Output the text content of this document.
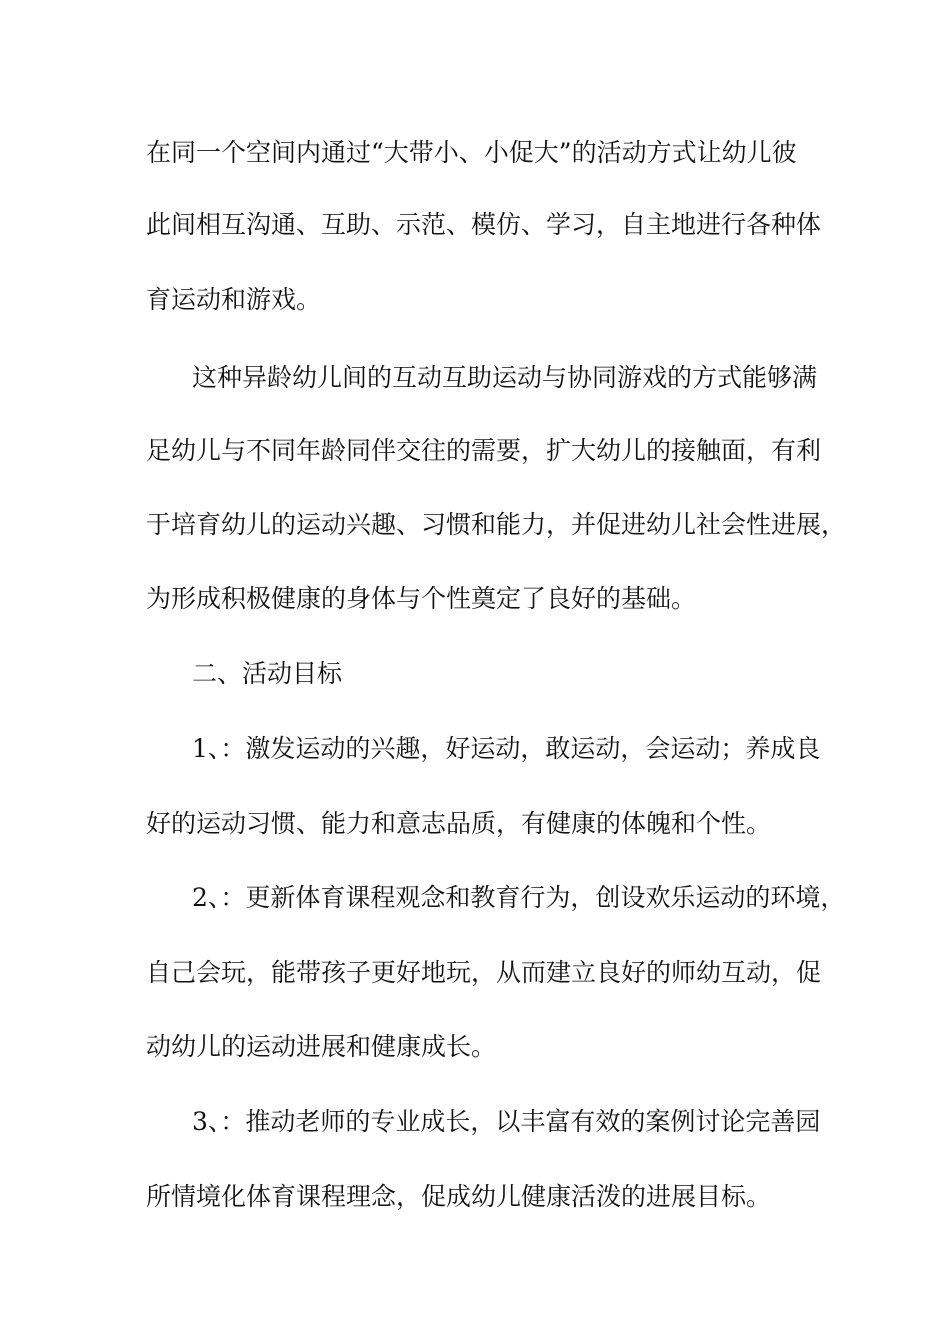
在同一个空间内通过“大带小、小促大”的活动方式让幼儿彼
此间相互沟通、互助、示范、模仿、学习，自主地进行各种体
育运动和游戏。
这种异龄幼儿间的互动互助运动与协同游戏的方式能够满
足幼儿与不同年龄同伴交往的需要，扩大幼儿的接触面，有利
于培育幼儿的运动兴趣、习惯和能力，并促进幼儿社会性进展，
为形成积极健康的身体与个性奠定了良好的基础。
二、活动目标
1、：激发运动的兴趣，好运动，敢运动，会运动；养成良
好的运动习惯、能力和意志品质，有健康的体魄和个性。
2、：更新体育课程观念和教育行为，创设欢乐运动的环境，
自己会玩，能带孩子更好地玩，从而建立良好的师幼互动，促
动幼儿的运动进展和健康成长。
3、：推动老师的专业成长，以丰富有效的案例讨论完善园
所情境化体育课程理念，促成幼儿健康活泼的进展目标。
